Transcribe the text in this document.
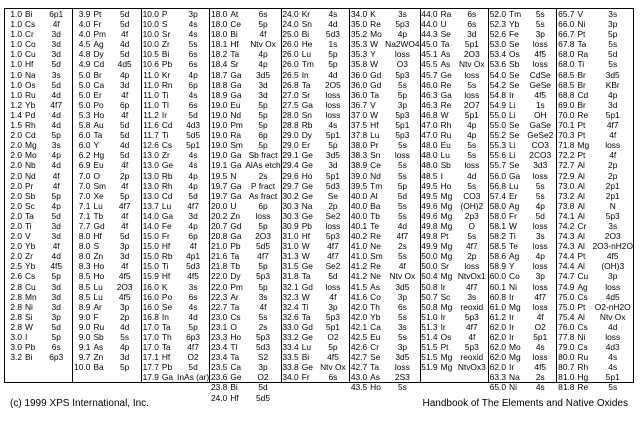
1.0 Bi	6p1
1.0 Cs	4f
1.0 Cr	3d
1.0 Co	3d
1.0 Cu	3d
1.0 Hf	5d
1.0 Na	3s
1.0 Os	5d
1.0 Ru	4d
1.2 Yb	4f7
1.4 Pd	4d
1.5 Rh	4d
2.0 Cd	5p
2.0 Mg	3s
2.0 Mo	4p
2.0 Nb	4d
2.0 Nd	4f
2.0 Pr	4f
2.0 Sb	5p
2.0 Sc	4p
2.0 Ta	5d
2.0 Ti	3d
2.0 V	3d
2.0 Yb	4f
2.0 Zr	4d
2.5 Yb	4f5
2.6 Cs	5p
2.8 Cu	3d
2.8 Mn	3d
2.8 Ni	3d
2.8 Si	3p
2.8 W	5d
3.0 I	5p
3.0 Pb	6s
3.2 Bi	6p3
3.9 Pt	5d
4.0 Fr	5d
4.0 Pm	4f
4.5 Ag	4d
4.8 Dy	5d
4.9 Cd	4d5
5.0 Br	4p
5.0 Ca	3d
5.0 Er	4f
5.0 Po	6p
5.3 Ho	4f
5.8 Au	5d
6.0 Ta	5d
6.0 Y	4d
6.2 Hg	5d
6.9 Eu	4f
7.0 O	2p
7.0 Sm	4f
7.0 Xe	5p
7.1 Lu	4f7
7.1 Tb	4f
7.7 Gd	4f
8.0 Hf	5d
8.0 S	3p
8.0 Zn	3d
8.3 Ho	4f
8.5 Ho	4f5
8.5 Lu	2O3
8.5 Lu	4f5
8.9 Ar	3p
9.0 F	2p
9.0 Ru	4d
9.0 Sb	5s
9.1 As	4p
9.7 Zn	3d
10.0 Ba	5p
10.0 P	3p
10.0 S	4s
10.0 Sr	4s
10.0 Zr	5s
10.5 Bi	6s
10.6 Pb	6s
11.0 Kr	4p
11.0 Rn	6p
11.0 Ti	4s
11.0 Tl	6s
11.2 Ir	5d
11.6 Cd	4d3
11.7 Ti	5d5
12.6 Cs	5p1
13.0 Zr	4s
13.0 Ge	4s
13.0 Rb	4p
13.0 Rh	4p
13.0 Cd	5d
13.7 Lu	4f7
14.0 Ga	3d
14.0 Fe	4p
15.0 Fr	6p
15.0 Hf	4f
15.0 Rb	4p1
15.0 Ti	5d3
15.9 Hf	4f5
16.0 K	3s
16.0 Po	6s
16.0 Se	4s
16.8 In	4d
17.0 Ta	5p
17.0 Th	6p3
17.0 Ta	4f7
17.1 Hf	O2
17.7 Pb	5d
17.9 Ga InAs (ar)
18.0 At	6s
18.0 Ce	5p
18.0 Bi	4f
18.1 Hf	Ntv Ox
18.2 Ta	4p
18.4 Sr	4p
18.7 Ga	3d5
18.8 Ga	3d
18.9 Ga	3d
19.0 Eu	5p
19.0 Nd	5p
19.0 Pm	5p
19.0 Ra	6p
19.0 Sm	5p
19.0 Ga Sb fract
19.1 Ga AlAs etch
19.5 N	2s
19.7 Ga	P fract
19.7 Ga As fract
20.0 U	6p
20.2 Zn	loss
20.7 Gd	5p
20.8 Ga	2O3
21.0 Pb	5d5
21.6 Ta	4f7
21.8 Tb	5p
22.0 Dy	5p3
22.0 Pm	5p
22.3 Ar	3s
22.7 Ta	4f
23.0 Cs	5s
23.1 O	2s
23.3 Ho	5p3
23.4 Tl	5d3
23.4 Ta	S2
23.5 Ca	3p
23.6 Ge	O2
23.8 Bi	5d
24.0 Hf	5d5
24.0 Kr	4s
24.0 Sn	4d
25.0 Bi	5d3
26.0 He	1s
26.0 Lu	5p
26.0 Tm	5p
26.5 In	4d
26.8 Ta	2O5
27.0 Sr	loss
27.5 Ga	loss
28.0 Sn	loss
28.8 Rb	4s
29.0 Dy	5p1
29.0 Er	5p
29.1 Ge	3d5
29.4 Ge	3d
29.6 Ho	5p1
29.7 Ge	5d3
30.2 Ge	Se
30.3 Na	2p
30.3 Ge	Se2
30.9 Pb	loss
31.0 Hf	5p3
31.0 W	4f7
31.3 W	4f7
31.5 Ge	Se2
31.8 Ta	5d
32.1 Gd	loss
32.3 W	4f
32.4 Ti	3p
32.6 Ta	5p3
33.0 Gd	5p1
33.2 Ge	O2
33.4 Lu	5p
33.5 Bi	4f5
33.8 Ge Ntv Ox
34.0 Fr	6s
34.0 K	3s
35.0 Re	5p3
35.2 Mo	4p
35.3 W Na2WO4
35.3 Y	loss
35.8 W	O3
36.0 Gd	5p3
36.0 Gd	5s
36.0 Ta	5p
36.7 V	3p
37.0 W	5p3
37.5 Hf	5p1
37.8 Lu	5p3
38.0 Pr	5s
38.3 Sn	loss
38.9 Ce	5s
39.0 Nd	5s
39.5 Tm	5p
40.0 Al	5d
40.0 Ba	5s
40.0 Tb	5s
40.1 Te	4d
40.2 Re	4f7
41.0 Ne	2s
41.0 Sm	5s
41.2 Re	4f
41.2 Ne	Ntv Ox
41.5 As	3d5
41.6 Co	3p
42.0 Th	6s
42.0 Yb	5s
42.1 Ca	3s
42.5 Eu	5s
42.6 Cr	3p
42.7 Se	3d5
42.7 Ta	loss
43.0 As	2S3
43.5 Ho	5s
44.0 Ra	6s
44.0 U	6s
44.3 Se	3d
45.0 Ta	5p1
45.1 As	2O3
45.5 As	Ntv Ox
45.7 Ge	loss
46.0 Re	5s
46.3 Ga	loss
46.3 Re	2O7
46.8 W	5p1
47.0 Rh	4p
47.0 Ru	4p
48.0 Eu	5s
48.0 Lu	5s
48.0 Sb	loss
48.5 I	4d
49.5 Ho	5s
49.5 Mg	CO3
49.6 Mg (OH)2
49.6 Mg	2p3
49.8 Mg	O
49.8 Pt	5s
49.9 Mg	4f7
50.0 Mg	2p
50.0 Sr	loss
50.4 Mg NtvOx1
50.8 Ir	4f7
50.7 Sc	3s
50.8 Mg reoxid
51.0 Ir	5p3
51.3 Ir	4f7
51.4 Os	4f
51.5 Pt	5p3
51.5 Mg reoxid
51.9 Mg NtvOx3
52.0 Tm	5s
52.3 Yb	5s
52.6 Fe	3p
53.0 Se	loss
53.4 Os	4f5
53.6 Sb	loss
54.0 Se	CdSe
54.2 Se	GeSe
54.8 Ir	4f5
54.9 Li	1s
55.0 Li	OH
55.0 Se	GaSe
55.2 Se GeSe2
55.3 Li	CO3
55.6 Li	2CO3
55.7 Se	3d3
56.0 Ga	loss
56.8 Lu	5s
57.4 Er	5s
58.0 Ag	4p
58.0 Fr	5d
58.1 W	loss
58.2 Ti	3s
58.5 Te	loss
58.6 Ag	4p
58.9 Y	loss
60.0 Co	3p
60.1 Ni	loss
60.8 Ir	4f7
61.0 Mg	loss
61.2 Ir	4f
62.0 Ir	O2
62.0 Ir	5p1
62.0 Mo	4s
62.0 Mg	loss
62.0 Ir	4f5
63.3 Na	2s
65.0 Ni	4s
65.7 V	3s
66.0 Ni	3p
66.7 Pt	5p
67.8 Ta	5s
68.0 Ra	5d
68.0 Ti	5s
68.5 Br	3d5
68.5 Br	KBr
68.8 Cd	4p
69.0 Br	3d
70.0 Re	5p1
70.1 Pt	4f7
70.3 Pt	4f
71.8 Mg	loss
72.2 Pt	4f
72.7 Al	2p
72.9 Al	2p
73.0 Al	2p1
73.2 Al	2p1
73.8 Al	N
74.1 Al	5p3
74.2 Cr	3s
74.3 Al	2O3
74.3 Al 2O3-nH2O
74.4 Pt	4f5
74.4 Al	(OH)3
74.7 Cu	3p
74.9 Ag	loss
75.0 Cs	4d5
75.0 Pt	O2-nH2O
75.4 Al	Ntv Ox
76.0 Cs	4d
77.8 Ni	loss
79.0 Cs	4d3
80.0 Ru	4s
80.7 Rh	4s
81.0 Hg	5p1
81.8 Re	5s
(c) 1999 XPS International, Inc.	Handbook of The Elements and Native Oxides
